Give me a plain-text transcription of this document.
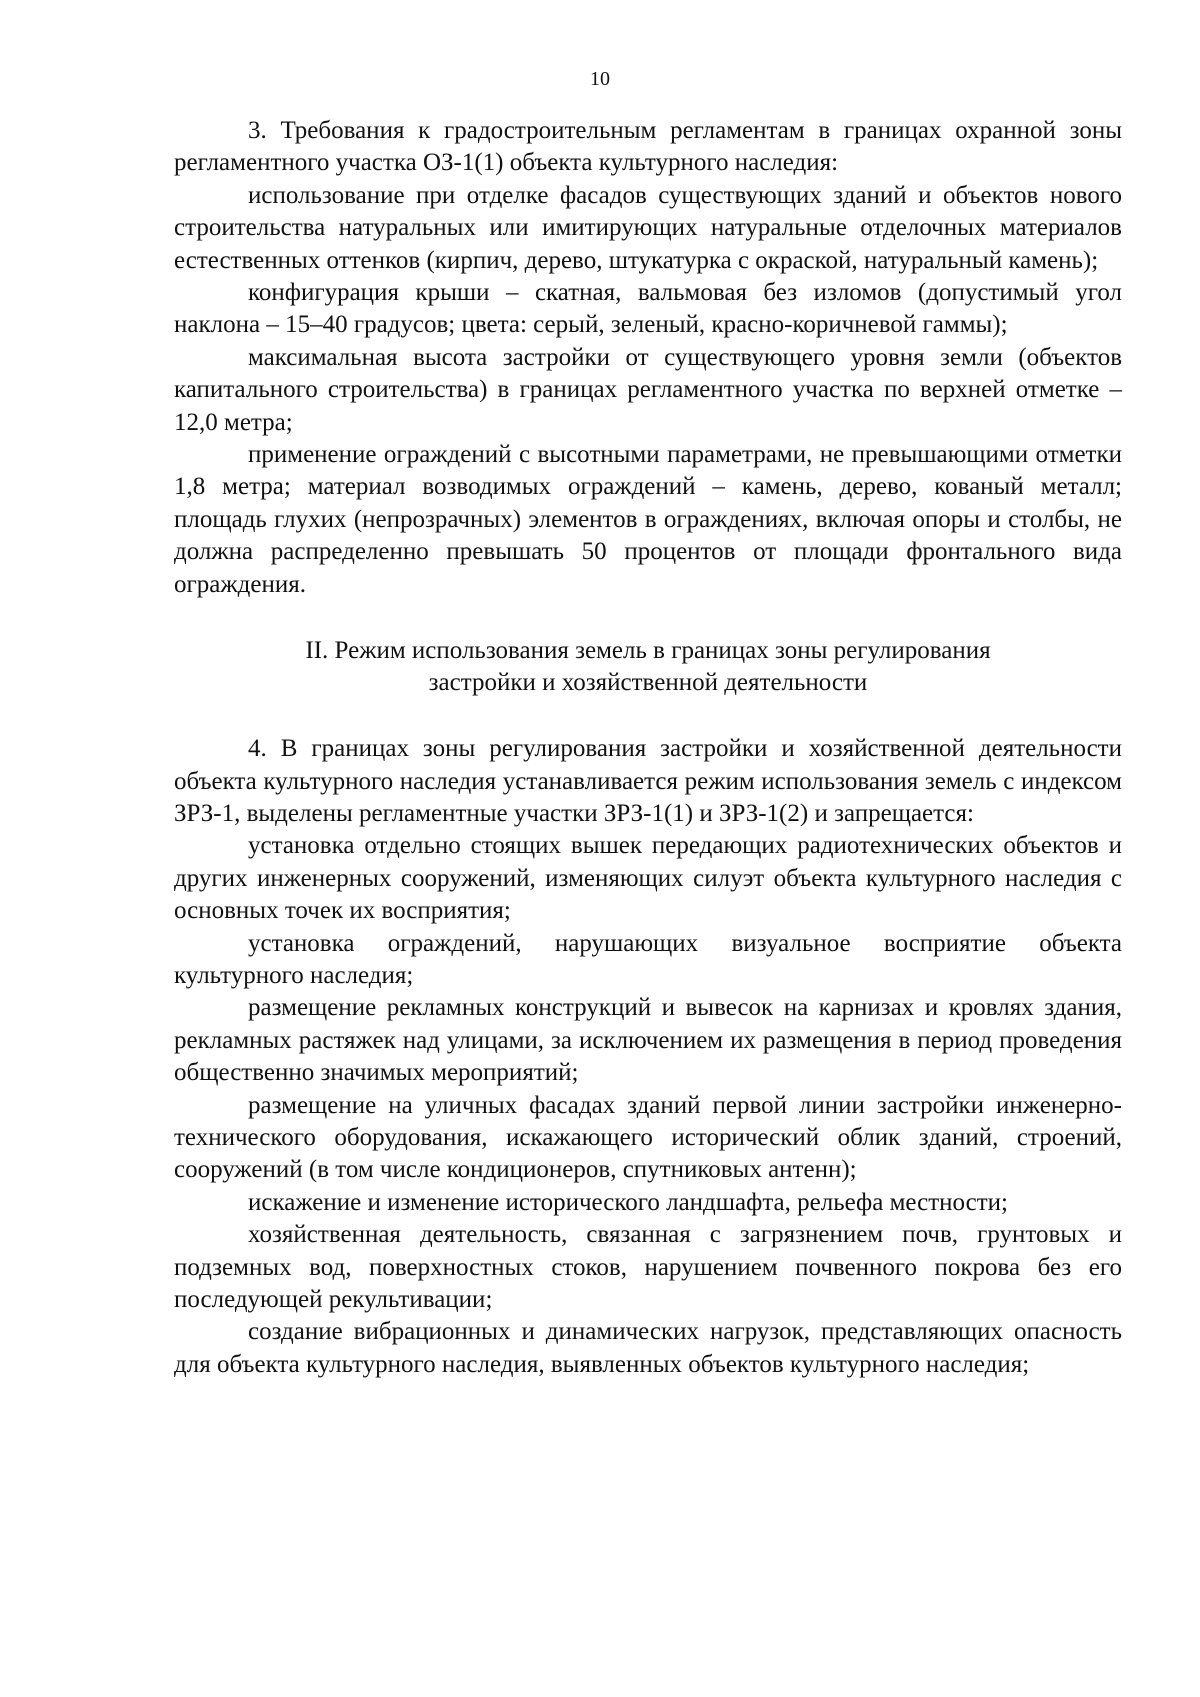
10

3. Требования к градостроительным регламентам в границах охранной зоны регламентного участка ОЗ-1(1) объекта культурного наследия:

использование при отделке фасадов существующих зданий и объектов нового строительства натуральных или имитирующих натуральные отделочных материалов естественных оттенков (кирпич, дерево, штукатурка с окраской, натуральный камень);

конфигурация крыши – скатная, вальмовая без изломов (допустимый угол наклона – 15–40 градусов; цвета: серый, зеленый, красно-коричневой гаммы);

максимальная высота застройки от существующего уровня земли (объектов капитального строительства) в границах регламентного участка по верхней отметке – 12,0 метра;

применение ограждений с высотными параметрами, не превышающими отметки 1,8 метра; материал возводимых ограждений – камень, дерево, кованый металл; площадь глухих (непрозрачных) элементов в ограждениях, включая опоры и столбы, не должна распределенно превышать 50 процентов от площади фронтального вида ограждения.

II. Режим использования земель в границах зоны регулирования
застройки и хозяйственной деятельности

4. В границах зоны регулирования застройки и хозяйственной деятельности объекта культурного наследия устанавливается режим использования земель с индексом ЗРЗ-1, выделены регламентные участки ЗРЗ-1(1) и ЗРЗ-1(2) и запрещается:

установка отдельно стоящих вышек передающих радиотехнических объектов и других инженерных сооружений, изменяющих силуэт объекта культурного наследия с основных точек их восприятия;

установка ограждений, нарушающих визуальное восприятие объекта культурного наследия;

размещение рекламных конструкций и вывесок на карнизах и кровлях здания, рекламных растяжек над улицами, за исключением их размещения в период проведения общественно значимых мероприятий;

размещение на уличных фасадах зданий первой линии застройки инженерно-технического оборудования, искажающего исторический облик зданий, строений, сооружений (в том числе кондиционеров, спутниковых антенн);

искажение и изменение исторического ландшафта, рельефа местности;

хозяйственная деятельность, связанная с загрязнением почв, грунтовых и подземных вод, поверхностных стоков, нарушением почвенного покрова без его последующей рекультивации;

создание вибрационных и динамических нагрузок, представляющих опасность для объекта культурного наследия, выявленных объектов культурного наследия;
